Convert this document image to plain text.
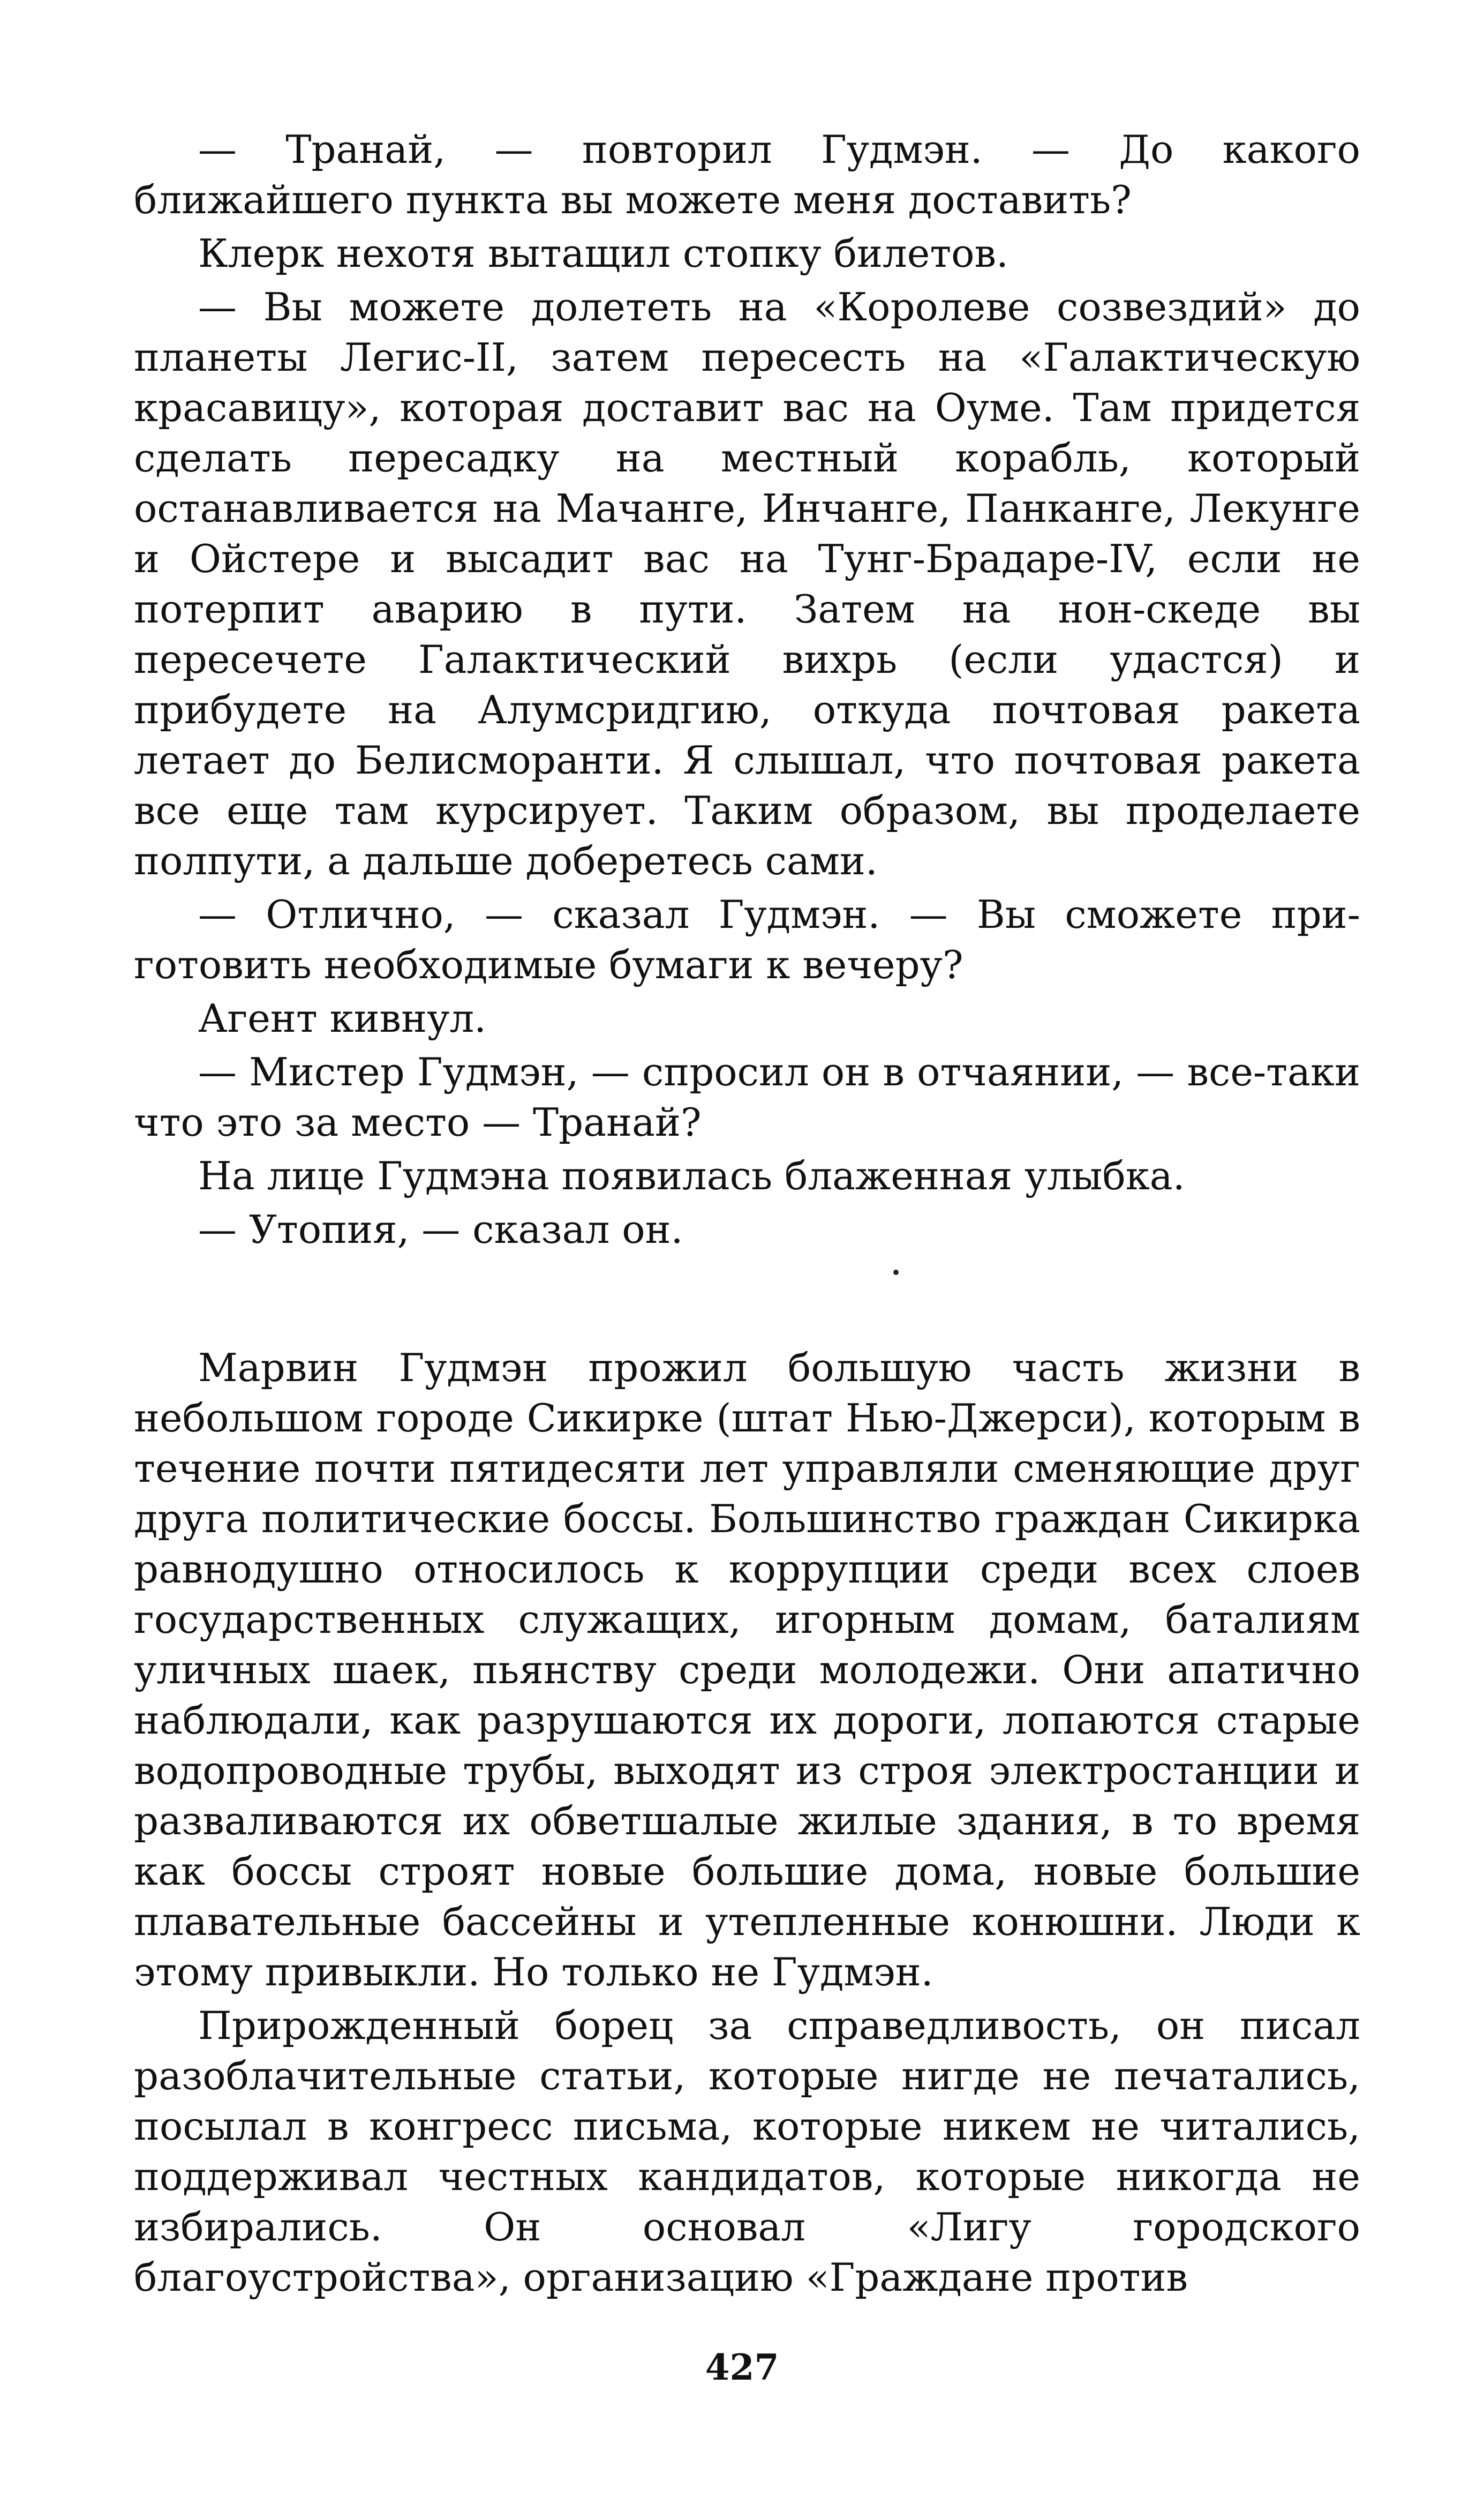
— Транай, — повторил Гудмэн. — До какого ближайшего пункта вы можете меня доставить?

Клерк нехотя вытащил стопку билетов.

— Вы можете долететь на «Королеве созвездий» до планеты Легис-II, затем пересесть на «Галактическую красавицу», которая доставит вас на Оуме. Там придется сделать пересадку на местный корабль, который останавливается на Мачанге, Инчанге, Панканге, Лекунге и Ойстере и высадит вас на Тунг-Брадаре-IV, если не потерпит аварию в пути. Затем на нон-скеде вы пересечете Галактический вихрь (если удастся) и прибудете на Алумсридгию, откуда почтовая ракета летает до Белисморанти. Я слышал, что почтовая ракета все еще там курсирует. Таким образом, вы проделаете полпути, а дальше доберетесь сами.

— Отлично, — сказал Гудмэн. — Вы сможете приготовить необходимые бумаги к вечеру?

Агент кивнул.

— Мистер Гудмэн, — спросил он в отчаянии, — все-таки что это за место — Транай?

На лице Гудмэна появилась блаженная улыбка.

— Утопия, — сказал он.

Марвин Гудмэн прожил большую часть жизни в небольшом городе Сикирке (штат Нью-Джерси), которым в течение почти пятидесяти лет управляли сменяющие друг друга политические боссы. Большинство граждан Сикирка равнодушно относилось к коррупции среди всех слоев государственных служащих, игорным домам, баталиям уличных шаек, пьянству среди молодежи. Они апатично наблюдали, как разрушаются их дороги, лопаются старые водопроводные трубы, выходят из строя электростанции и разваливаются их обветшалые жилые здания, в то время как боссы строят новые большие дома, новые большие плавательные бассейны и утепленные конюшни. Люди к этому привыкли. Но только не Гудмэн.

Прирожденный борец за справедливость, он писал разоблачительные статьи, которые нигде не печатались, посылал в конгресс письма, которые никем не читались, поддерживал честных кандидатов, которые никогда не избирались. Он основал «Лигу городского благоустройства», организацию «Граждане против

427
